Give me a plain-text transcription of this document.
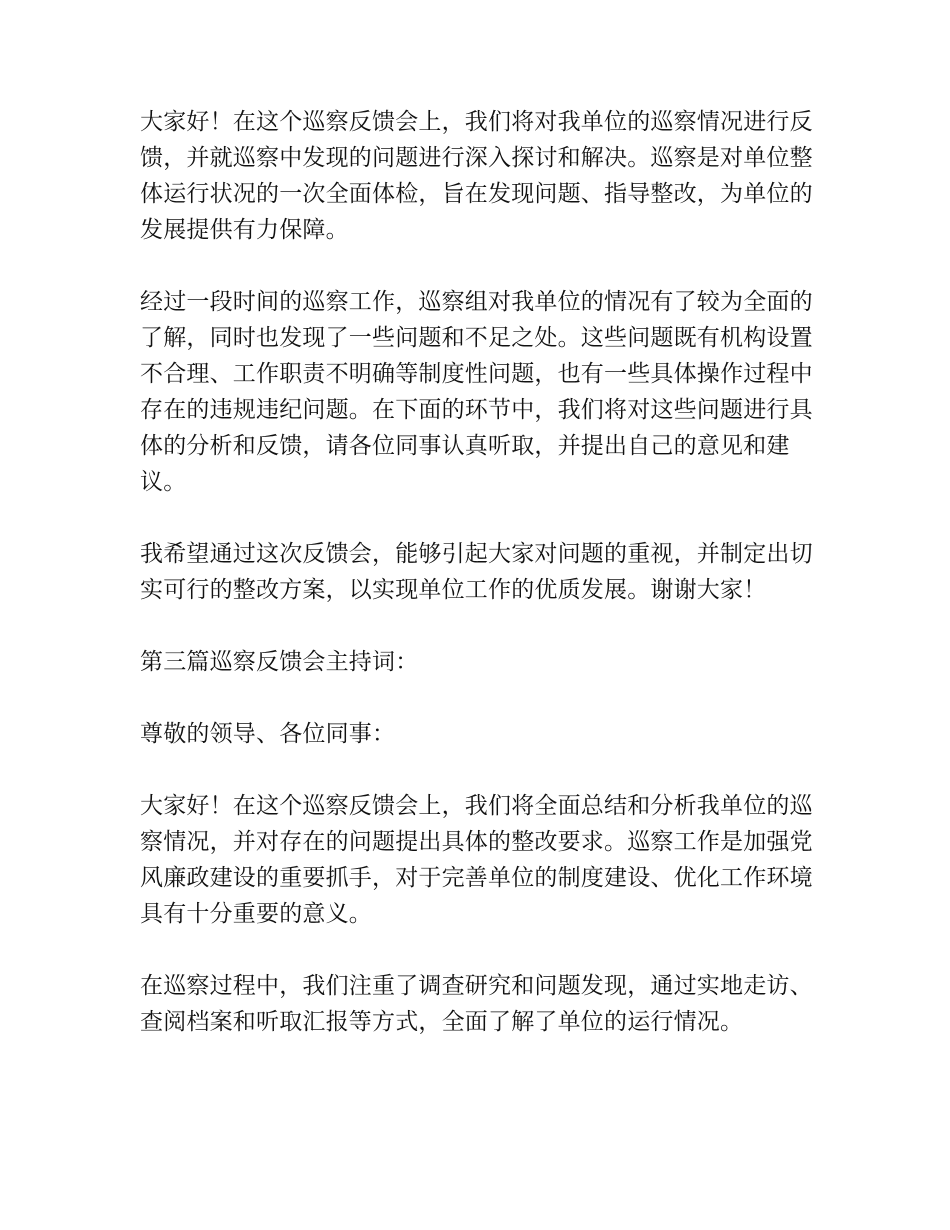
大家好！在这个巡察反馈会上，我们将对我单位的巡察情况进行反馈，并就巡察中发现的问题进行深入探讨和解决。巡察是对单位整体运行状况的一次全面体检，旨在发现问题、指导整改，为单位的发展提供有力保障。

经过一段时间的巡察工作，巡察组对我单位的情况有了较为全面的了解，同时也发现了一些问题和不足之处。这些问题既有机构设置不合理、工作职责不明确等制度性问题，也有一些具体操作过程中存在的违规违纪问题。在下面的环节中，我们将对这些问题进行具体的分析和反馈，请各位同事认真听取，并提出自己的意见和建议。

我希望通过这次反馈会，能够引起大家对问题的重视，并制定出切实可行的整改方案，以实现单位工作的优质发展。谢谢大家！

第三篇巡察反馈会主持词：

尊敬的领导、各位同事：

大家好！在这个巡察反馈会上，我们将全面总结和分析我单位的巡察情况，并对存在的问题提出具体的整改要求。巡察工作是加强党风廉政建设的重要抓手，对于完善单位的制度建设、优化工作环境具有十分重要的意义。

在巡察过程中，我们注重了调查研究和问题发现，通过实地走访、查阅档案和听取汇报等方式，全面了解了单位的运行情况。
